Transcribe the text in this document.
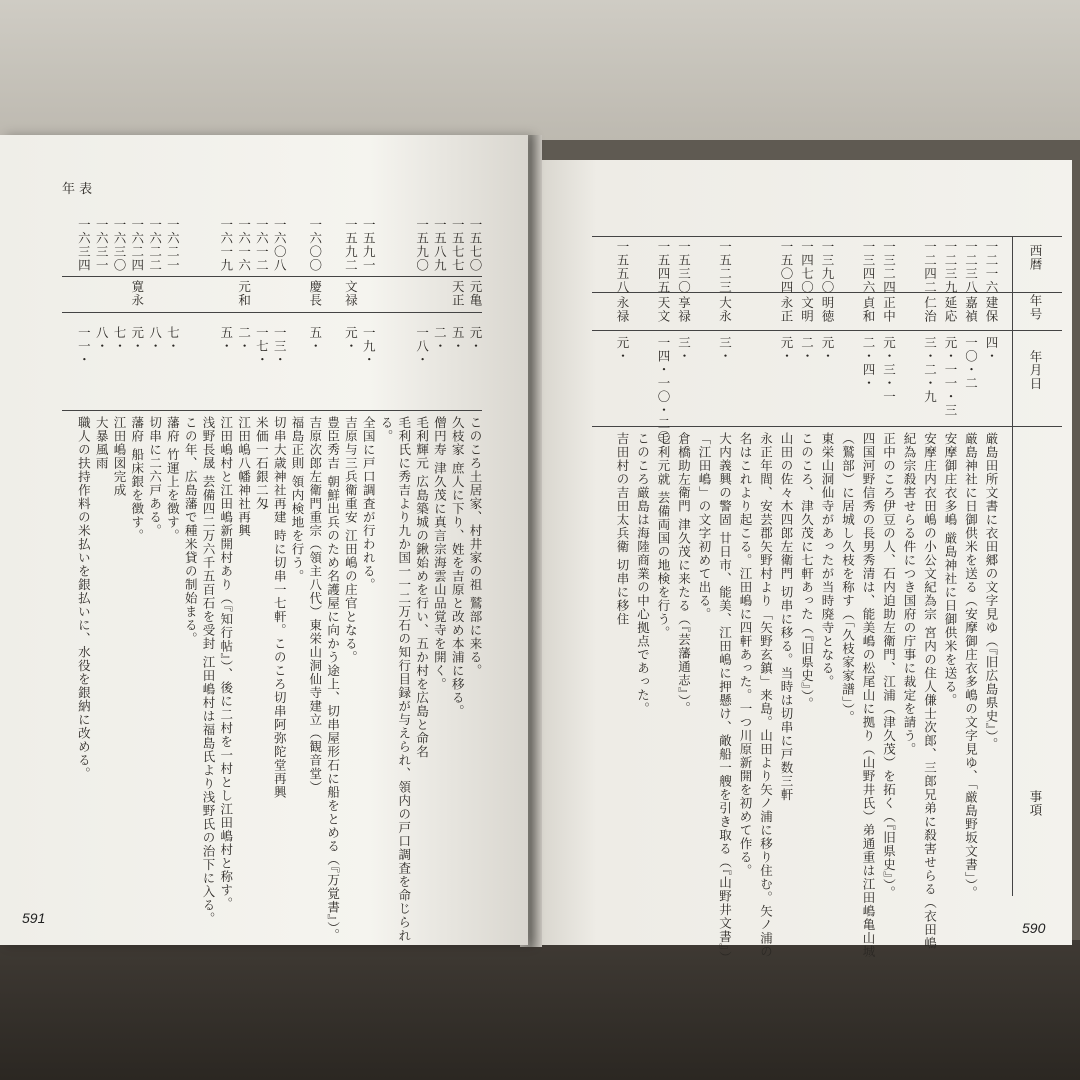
年 表
591
西暦
年号
年月日
事項
590
一五七〇
元亀
元・
このころ土居家、村井家の祖 鷲部に来る。
一五七七
天正
五・
久枝家 庶人に下り、姓を吉原と改め本浦に移る。
一五八九
二・
僧円寿 津久茂に真言宗海雲山品覚寺を開く。
一五九〇
一八・
毛利輝元 広島築城の鍬始めを行い、五か村を広島と命名
毛利氏に秀吉より九か国一一二万石の知行目録が与えられ、領内の戸口調査を命じられ
る。
一五九一
一九・
全国に戸口調査が行われる。
一五九二
文禄
元・
吉原与三兵衛重安 江田嶋の庄官となる。
豊臣秀吉 朝鮮出兵のため名護屋に向かう途上、切串屋形石に船をとめる（『万覚書』）。
一六〇〇
慶長
五・
吉原次郎左衛門重宗（領主八代）東栄山洞仙寺建立（観音堂）
福島正則 領内検地を行う。
一六〇八
一三・
切串大歳神社再建 時に切串一七軒。このころ切串阿弥陀堂再興
一六一二
一七・
米価一石銀二匁
一六一六
元和
二・
江田嶋八幡神社再興
一六一九
五・
江田嶋村と江田嶋新開村あり（『知行帖』）、後に二村を一村とし江田嶋村と称す。
浅野長晟 芸備四二万六千五百石を受封 江田嶋村は福島氏より浅野氏の治下に入る。
この年、広島藩で種米貸の制始まる。
一六二一
七・
藩府 竹運上を徴す。
一六二二
八・
切串に二六戸ある。
一六二四
寛永
元・
藩府 船床銀を徴す。
一六三〇
七・
江田嶋図完成
一六三一
八・
大暴風雨
一六三四
一一・
職人の扶持作料の米払いを銀払いに、水役を銀納に改める。
一二一六
建保
四・
厳島田所文書に衣田郷の文字見ゆ（『旧広島県史』）。
一二三八
嘉禎
一〇・二
厳島神社に日御供米を送る（安摩御庄衣多嶋の文字見ゆ、「厳島野坂文書」）。
一二三九
延応
元・一一・三
安摩御庄衣多嶋 厳島神社に日御供米を送る。
一二四二
仁治
三・二・九
安摩庄内衣田嶋の小公文紀為宗 宮内の住人傔士次郎、三郎兄弟に殺害せらる（衣田嶋
紀為宗殺害せらる件につき国府の庁事に裁定を請う。
一三二四
正中
元・三・一
正中のころ伊豆の人、石内迫助左衛門、江浦（津久茂）を拓く（『旧県史』）。
一三四六
貞和
二・四・
四国河野信秀の長男秀清は、能美嶋の松尾山に拠り（山野井氏）弟通重は江田嶋亀山城
（鷲部）に居城し久枝を称す（「久枝家家譜」）。
一三九〇
明徳
元・
東栄山洞仙寺があったが当時廃寺となる。
一四七〇
文明
二・
このころ、津久茂に七軒あった（『旧県史』）。
一五〇四
永正
元・
山田の佐々木四郎左衛門 切串に移る。当時は切串に戸数三軒
永正年間、安芸郡矢野村より「矢野玄鎮」来島。山田より矢ノ浦に移り住む。矢ノ浦の
名はこれより起こる。江田嶋に四軒あった。一つ川原新開を初めて作る。
一五二三
大永
三・
大内義興の警固 廿日市、能美、江田嶋に押懸け、敵船一艘を引き取る（『山野井文書』）
「江田嶋」の文字初めて出る。
一五三〇
享禄
三・
倉橋助左衛門 津久茂に来たる（『芸藩通志』）。
一五四五
天文
一四・一〇・二〇
毛利元就 芸備両国の地検を行う。
このころ厳島は海陸商業の中心拠点であった。
一五五八
永禄
元・
吉田村の吉田太兵衛 切串に移住
